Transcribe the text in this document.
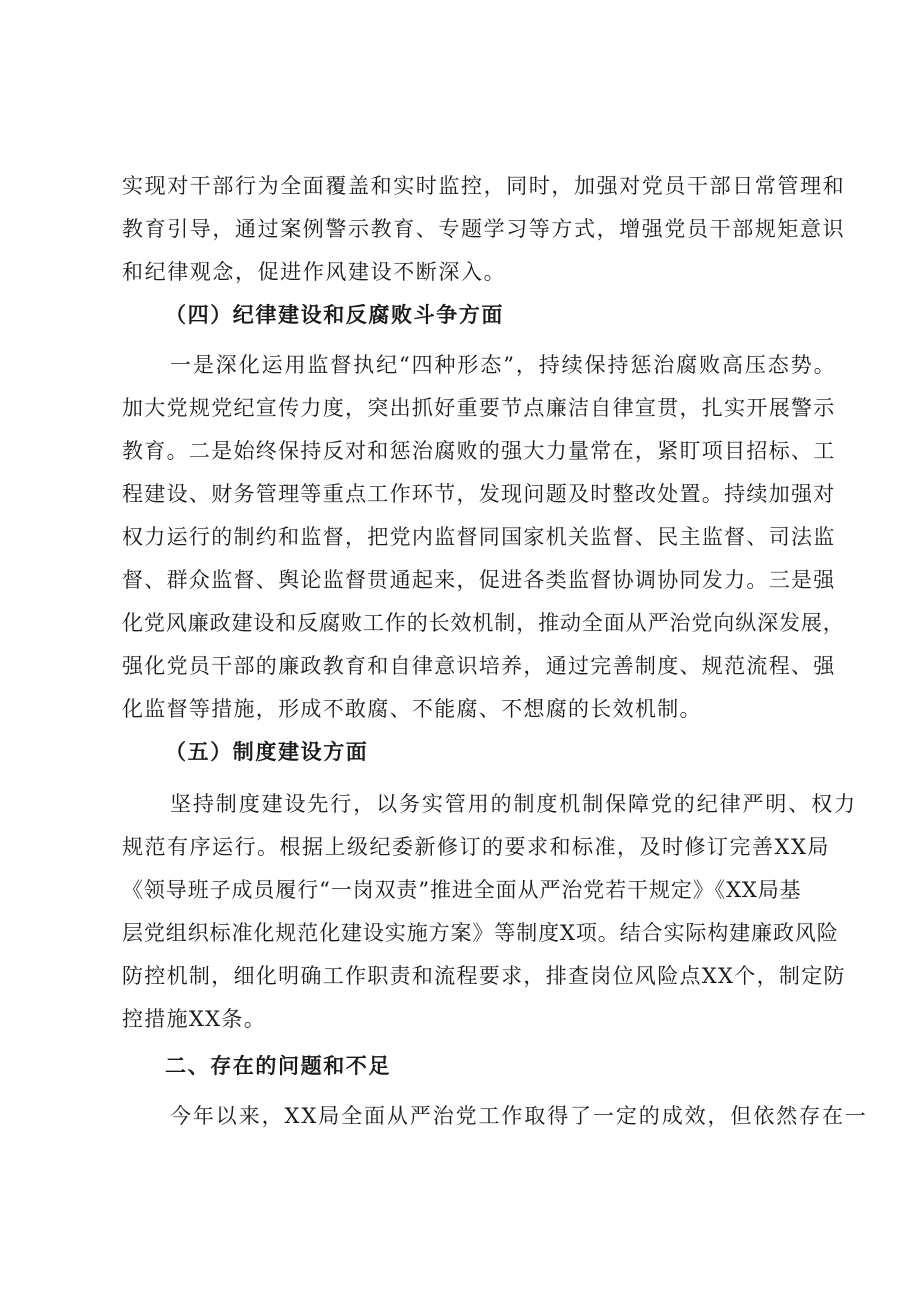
实现对干部行为全面覆盖和实时监控，同时，加强对党员干部日常管理和

教育引导，通过案例警示教育、专题学习等方式，增强党员干部规矩意识

和纪律观念，促进作风建设不断深入。

（四）纪律建设和反腐败斗争方面

一是深化运用监督执纪“四种形态”，持续保持惩治腐败高压态势。

加大党规党纪宣传力度，突出抓好重要节点廉洁自律宣贯，扎实开展警示

教育。二是始终保持反对和惩治腐败的强大力量常在，紧盯项目招标、工

程建设、财务管理等重点工作环节，发现问题及时整改处置。持续加强对

权力运行的制约和监督，把党内监督同国家机关监督、民主监督、司法监

督、群众监督、舆论监督贯通起来，促进各类监督协调协同发力。三是强

化党风廉政建设和反腐败工作的长效机制，推动全面从严治党向纵深发展，

强化党员干部的廉政教育和自律意识培养，通过完善制度、规范流程、强

化监督等措施，形成不敢腐、不能腐、不想腐的长效机制。

（五）制度建设方面

坚持制度建设先行，以务实管用的制度机制保障党的纪律严明、权力

规范有序运行。根据上级纪委新修订的要求和标准，及时修订完善XX局

《领导班子成员履行“一岗双责”推进全面从严治党若干规定》《XX局基

层党组织标准化规范化建设实施方案》等制度X项。结合实际构建廉政风险

防控机制，细化明确工作职责和流程要求，排查岗位风险点XX个，制定防

控措施XX条。

二、存在的问题和不足

今年以来，XX局全面从严治党工作取得了一定的成效，但依然存在一
